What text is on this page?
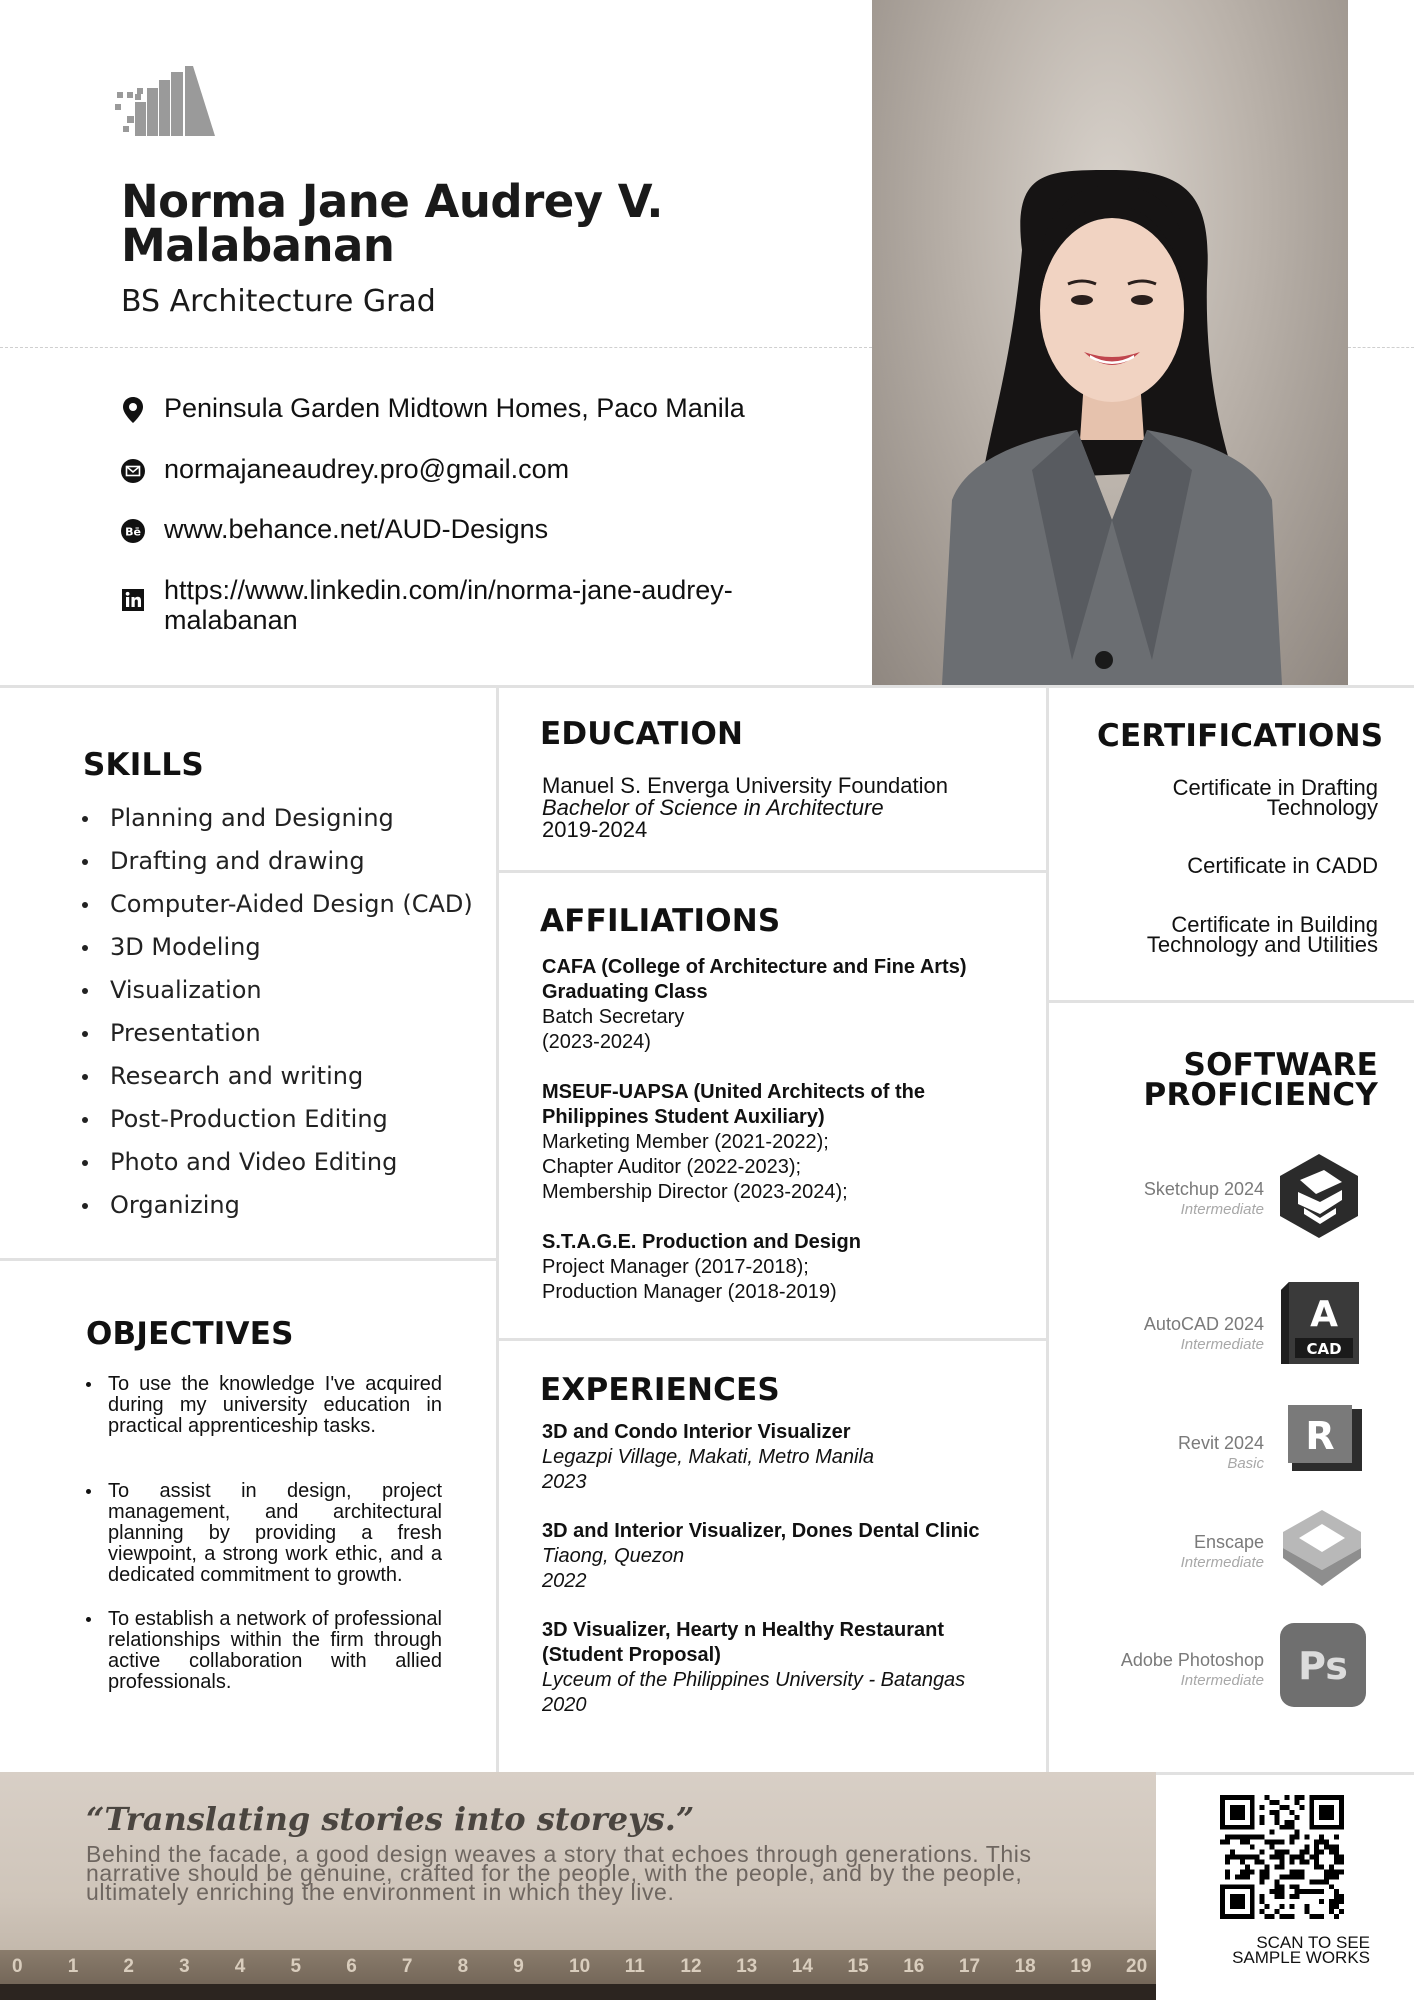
Norma Jane Audrey V.
Malabanan
BS Architecture Grad
Peninsula Garden Midtown Homes, Paco Manila
normajaneaudrey.pro@gmail.com
Bē www.behance.net/AUD-Designs
https://www.linkedin.com/in/norma-jane-audrey-malabanan
SKILLS
Planning and Designing
Drafting and drawing
Computer-Aided Design (CAD)
3D Modeling
Visualization
Presentation
Research and writing
Post-Production Editing
Photo and Video Editing
Organizing
OBJECTIVES
To use the knowledge I've acquired during my university education in practical apprenticeship tasks.
To assist in design, project management, and architectural planning by providing a fresh viewpoint, a strong work ethic, and a dedicated commitment to growth.
To establish a network of professional relationships within the firm through active collaboration with allied professionals.
EDUCATION
Manuel S. Enverga University Foundation
Bachelor of Science in Architecture
2019-2024
AFFILIATIONS
CAFA (College of Architecture and Fine Arts) Graduating Class
Batch Secretary
(2023-2024)
MSEUF-UAPSA (United Architects of the Philippines Student Auxiliary)
Marketing Member (2021-2022);
Chapter Auditor (2022-2023);
Membership Director (2023-2024);
S.T.A.G.E. Production and Design
Project Manager (2017-2018);
Production Manager (2018-2019)
EXPERIENCES
3D and Condo Interior Visualizer
Legazpi Village, Makati, Metro Manila
2023
3D and Interior Visualizer, Dones Dental Clinic
Tiaong, Quezon
2022
3D Visualizer, Hearty n Healthy Restaurant (Student Proposal)
Lyceum of the Philippines University - Batangas
2020
CERTIFICATIONS
Certificate in Drafting Technology
Certificate in CADD
Certificate in Building Technology and Utilities
SOFTWARE
PROFICIENCY
Sketchup 2024
Intermediate
AutoCAD 2024
Intermediate
A
CAD
Revit 2024
Basic
R
Enscape
Intermediate
Adobe Photoshop
Intermediate Ps
“Translating stories into storeys.”
Behind the facade, a good design weaves a story that echoes through generations. This narrative should be genuine, crafted for the people, with the people, and by the people, ultimately enriching the environment in which they live.
0 1 2 3 4 5 6 7 8 9 10 11 12 13 14 15 16 17 18 19 20
SCAN TO SEE
SAMPLE WORKS
